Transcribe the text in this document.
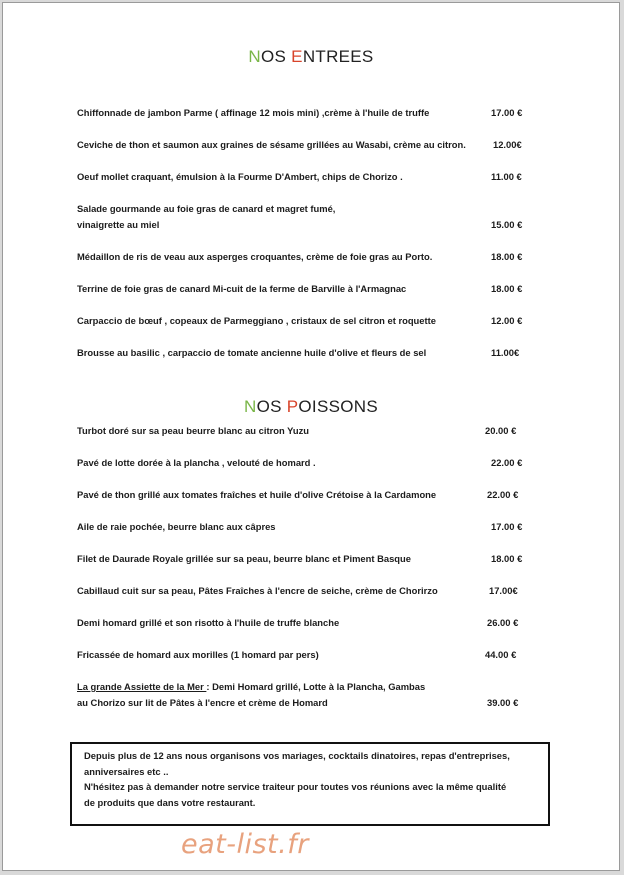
NOS ENTREES
Chiffonnade de jambon Parme ( affinage 12 mois mini) ,crème à l'huile de truffe	17.00 €
Ceviche de thon et saumon aux graines de sésame grillées au Wasabi, crème au citron.	12.00€
Oeuf mollet craquant, émulsion à la Fourme D'Ambert, chips de Chorizo .	11.00 €
Salade gourmande au foie gras de canard et magret fumé,
vinaigrette au miel	15.00 €
Médaillon de ris de veau aux asperges croquantes, crème de foie gras au Porto.	18.00 €
Terrine de foie gras de canard Mi-cuit de la ferme de Barville à l'Armagnac	18.00 €
Carpaccio de bœuf , copeaux de Parmeggiano , cristaux de sel citron et roquette	12.00 €
Brousse au basilic , carpaccio de tomate ancienne huile d'olive et fleurs de sel	11.00€
NOS POISSONS
Turbot doré sur sa peau beurre blanc au citron Yuzu	20.00 €
Pavé de lotte dorée à la plancha , velouté de homard .	22.00 €
Pavé de thon grillé aux tomates fraîches et huile d'olive Crétoise à la Cardamone	22.00 €
Aile de raie pochée, beurre blanc aux câpres	17.00 €
Filet de Daurade Royale grillée sur sa peau, beurre blanc et Piment Basque	18.00 €
Cabillaud cuit sur sa peau, Pâtes Fraîches à l'encre de seiche, crème de Chorirzo	17.00€
Demi homard grillé et son risotto à l'huile de truffe blanche	26.00 €
Fricassée de homard aux morilles (1 homard par pers)	44.00 €
La grande Assiette de la Mer : Demi Homard grillé, Lotte à la Plancha, Gambas
au Chorizo sur lit de Pâtes à l'encre et crème de Homard	39.00 €
Depuis plus de 12 ans nous organisons vos mariages, cocktails dinatoires, repas d'entreprises,
anniversaires etc ..
N'hésitez pas à demander notre service traiteur pour toutes vos réunions avec la même qualité
de produits que dans votre restaurant.
eat-list.fr
